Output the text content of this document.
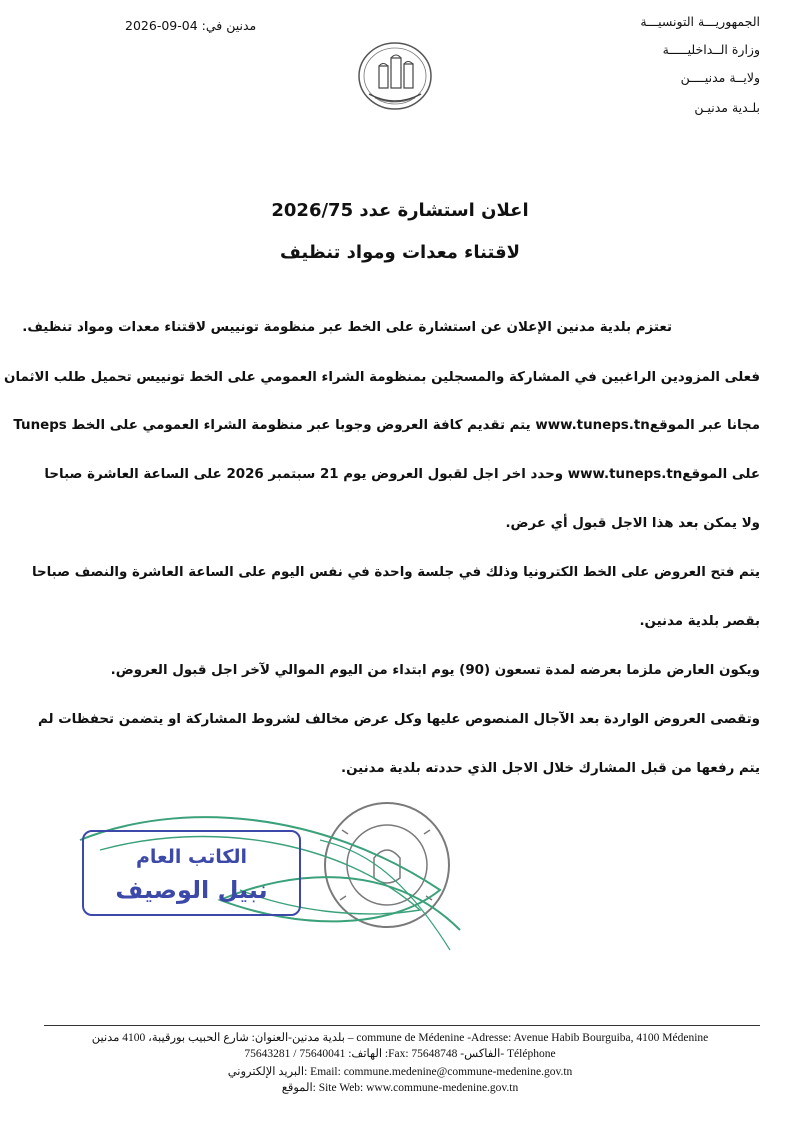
الجمهوريـــة التونسيـــة
وزارة الــداخليـــــة
ولايــة مدنيــــن
بلـدية مدنيـن
مدنين في: 04-09-2026
اعلان استشارة عدد 2026/75
لاقتناء معدات ومواد تنظيف
تعتزم بلدية مدنين الإعلان عن استشارة على الخط عبر منظومة تونييس لاقتناء معدات ومواد تنظيف.
فعلى المزودين الراغبين في المشاركة والمسجلين بمنظومة الشراء العمومي على الخط تونييس تحميل طلب الاثمان
مجانا عبر الموقعwww.tuneps.tn يتم تقديم كافة العروض وجوبا عبر منظومة الشراء العمومي على الخط Tuneps
على الموقعwww.tuneps.tn وحدد اخر اجل لقبول العروض يوم 21 سبتمبر 2026 على الساعة العاشرة صباحا
ولا يمكن بعد هذا الاجل قبول أي عرض.
يتم فتح العروض على الخط الكترونيا وذلك في جلسة واحدة في نفس اليوم على الساعة العاشرة والنصف صباحا
بقصر بلدية مدنين.
ويكون العارض ملزما بعرضه لمدة تسعون (90) يوم ابتداء من اليوم الموالي لآخر اجل قبول العروض.
وتقصى العروض الواردة بعد الآجال المنصوص عليها وكل عرض مخالف لشروط المشاركة او يتضمن تحفظات لم
يتم رفعها من قبل المشارك خلال الاجل الذي حددته بلدية مدنين.
الكاتب العام
نبيل الوصيف
بلدية مدنين-العنوان: شارع الحبيب بورقيبة، 4100 مدنين – commune de Médenine -Adresse: Avenue Habib Bourguiba, 4100 Médenine
الهاتف: 75640041 / 75643281 :Fax: 75648748 -الفاكس- Téléphone
البريد الإلكتروني: Email: commune.medenine@commune-medenine.gov.tn
الموقع: Site Web: www.commune-medenine.gov.tn
